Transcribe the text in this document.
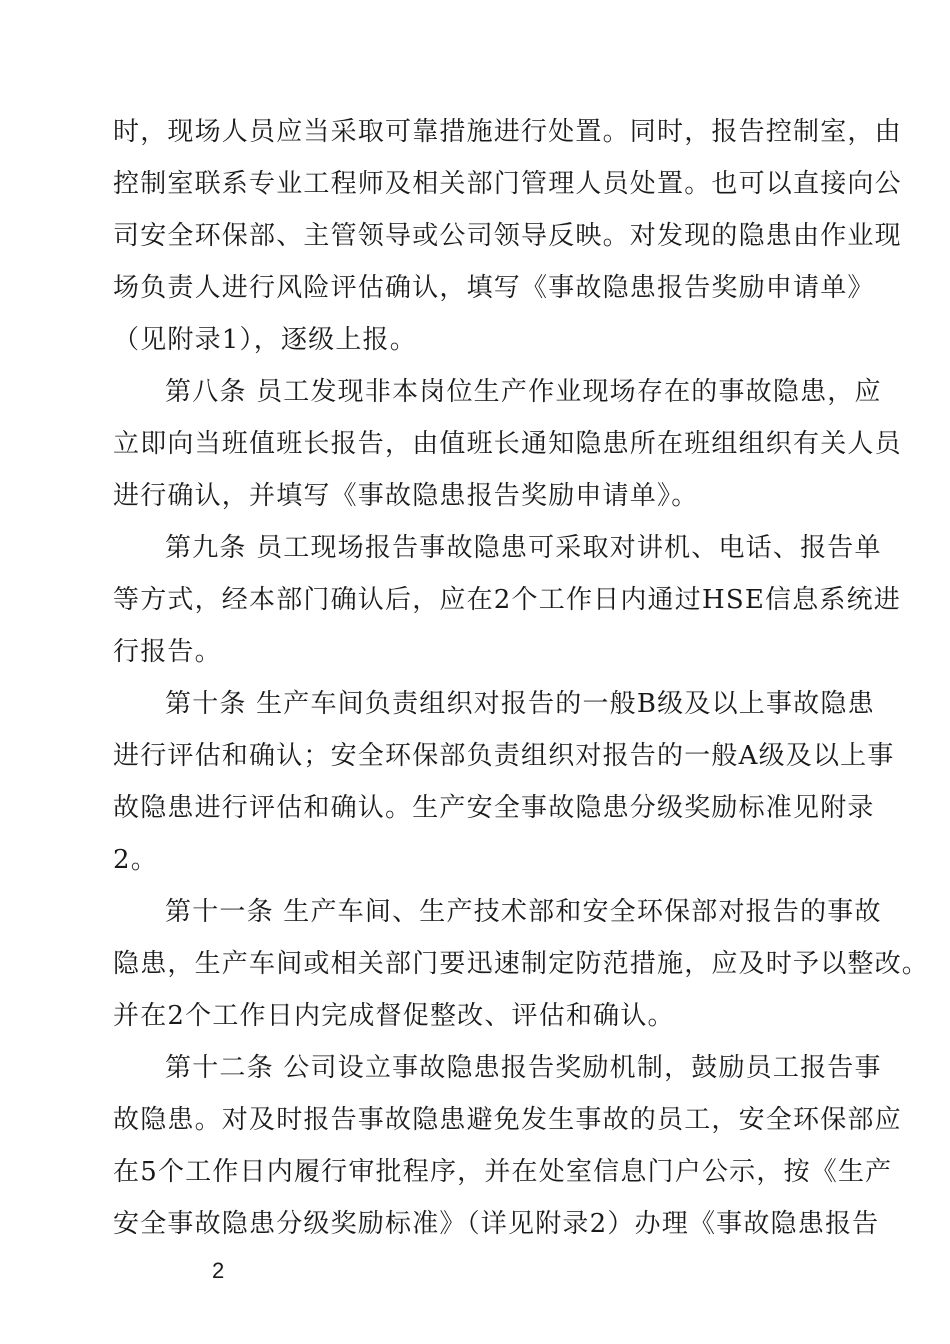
时，现场人员应当采取可靠措施进行处置。同时，报告控制室，由
控制室联系专业工程师及相关部门管理人员处置。也可以直接向公
司安全环保部、主管领导或公司领导反映。对发现的隐患由作业现
场负责人进行风险评估确认，填写《事故隐患报告奖励申请单》
（见附录1），逐级上报。
第八条 员工发现非本岗位生产作业现场存在的事故隐患，应
立即向当班值班长报告，由值班长通知隐患所在班组组织有关人员
进行确认，并填写《事故隐患报告奖励申请单》。
第九条 员工现场报告事故隐患可采取对讲机、电话、报告单
等方式，经本部门确认后，应在2个工作日内通过HSE信息系统进
行报告。
第十条 生产车间负责组织对报告的一般B级及以上事故隐患
进行评估和确认；安全环保部负责组织对报告的一般A级及以上事
故隐患进行评估和确认。生产安全事故隐患分级奖励标准见附录
2。
第十一条 生产车间、生产技术部和安全环保部对报告的事故
隐患，生产车间或相关部门要迅速制定防范措施，应及时予以整改。
并在2个工作日内完成督促整改、评估和确认。
第十二条 公司设立事故隐患报告奖励机制，鼓励员工报告事
故隐患。对及时报告事故隐患避免发生事故的员工，安全环保部应
在5个工作日内履行审批程序，并在处室信息门户公示，按《生产
安全事故隐患分级奖励标准》（详见附录2）办理《事故隐患报告
2
